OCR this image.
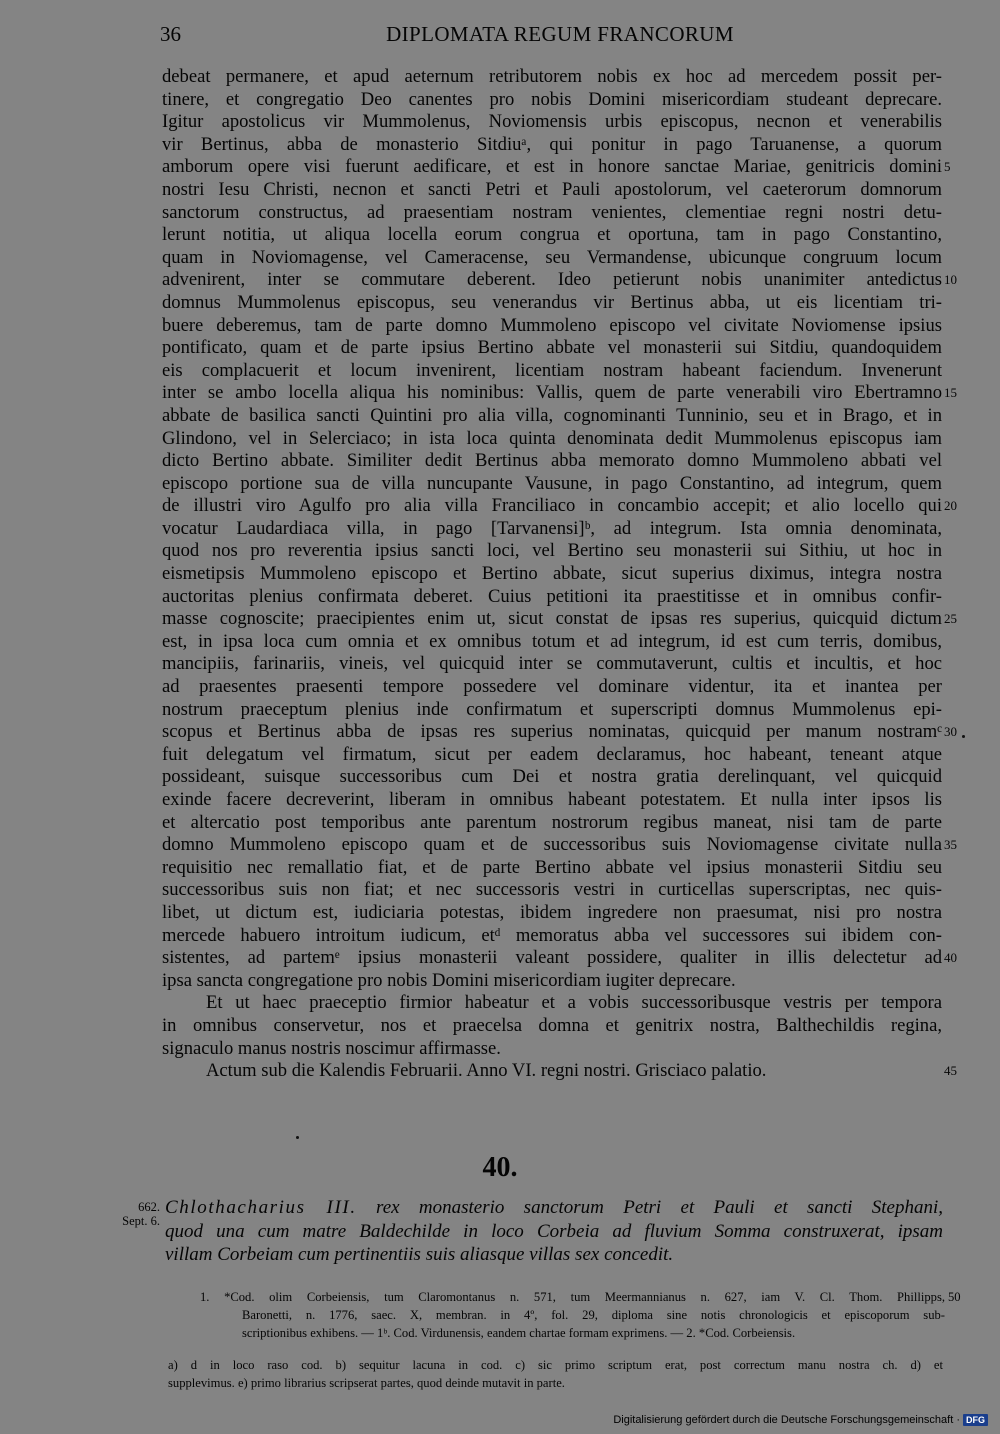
36	DIPLOMATA REGUM FRANCORUM
debeat permanere, et apud aeternum retributorem nobis ex hoc ad mercedem possit per-
tinere, et congregatio Deo canentes pro nobis Domini misericordiam studeant deprecare.
Igitur apostolicus vir Mummolenus, Noviomensis urbis episcopus, necnon et venerabilis
vir Bertinus, abba de monasterio Sitdiuᵃ, qui ponitur in pago Taruanense, a quorum
amborum opere visi fuerunt aedificare, et est in honore sanctae Mariae, genitricis domini
nostri Iesu Christi, necnon et sancti Petri et Pauli apostolorum, vel caeterorum domnorum
sanctorum constructus, ad praesentiam nostram venientes, clementiae regni nostri detu-
lerunt notitia, ut aliqua locella eorum congrua et oportuna, tam in pago Constantino,
quam in Noviomagense, vel Cameracense, seu Vermandense, ubicunque congruum locum
advenirent, inter se commutare deberent. Ideo petierunt nobis unanimiter antedictus
domnus Mummolenus episcopus, seu venerandus vir Bertinus abba, ut eis licentiam tri-
buere deberemus, tam de parte domno Mummoleno episcopo vel civitate Noviomense ipsius
pontificato, quam et de parte ipsius Bertino abbate vel monasterii sui Sitdiu, quandoquidem
eis complacuerit et locum invenirent, licentiam nostram habeant faciendum. Invenerunt
inter se ambo locella aliqua his nominibus: Vallis, quem de parte venerabili viro Ebertramno
abbate de basilica sancti Quintini pro alia villa, cognominanti Tunninio, seu et in Brago, et in
Glindono, vel in Selerciaco; in ista loca quinta denominata dedit Mummolenus episcopus iam
dicto Bertino abbate. Similiter dedit Bertinus abba memorato domno Mummoleno abbati vel
episcopo portione sua de villa nuncupante Vausune, in pago Constantino, ad integrum, quem
de illustri viro Agulfo pro alia villa Franciliaco in concambio accepit; et alio locello qui
vocatur Laudardiaca villa, in pago [Tarvanensi]ᵇ, ad integrum. Ista omnia denominata,
quod nos pro reverentia ipsius sancti loci, vel Bertino seu monasterii sui Sithiu, ut hoc in
eismetipsis Mummoleno episcopo et Bertino abbate, sicut superius diximus, integra nostra
auctoritas plenius confirmata deberet. Cuius petitioni ita praestitisse et in omnibus confir-
masse cognoscite; praecipientes enim ut, sicut constat de ipsas res superius, quicquid dictum
est, in ipsa loca cum omnia et ex omnibus totum et ad integrum, id est cum terris, domibus,
mancipiis, farinariis, vineis, vel quicquid inter se commutaverunt, cultis et incultis, et hoc
ad praesentes praesenti tempore possedere vel dominare videntur, ita et inantea per
nostrum praeceptum plenius inde confirmatum et superscripti domnus Mummolenus epi-
scopus et Bertinus abba de ipsas res superius nominatas, quicquid per manum nostramᶜ
fuit delegatum vel firmatum, sicut per eadem declaramus, hoc habeant, teneant atque
possideant, suisque successoribus cum Dei et nostra gratia derelinquant, vel quicquid
exinde facere decreverint, liberam in omnibus habeant potestatem. Et nulla inter ipsos lis
et altercatio post temporibus ante parentum nostrorum regibus maneat, nisi tam de parte
domno Mummoleno episcopo quam et de successoribus suis Noviomagense civitate nulla
requisitio nec remallatio fiat, et de parte Bertino abbate vel ipsius monasterii Sitdiu seu
successoribus suis non fiat; et nec successoris vestri in curticellas superscriptas, nec quis-
libet, ut dictum est, iudiciaria potestas, ibidem ingredere non praesumat, nisi pro nostra
mercede habuero introitum iudicum, etᵈ memoratus abba vel successores sui ibidem con-
sistentes, ad partemᵉ ipsius monasterii valeant possidere, qualiter in illis delectetur ad
ipsa sancta congregatione pro nobis Domini misericordiam iugiter deprecare.
Et ut haec praeceptio firmior habeatur et a vobis successoribusque vestris per tempora
in omnibus conservetur, nos et praecelsa domna et genitrix nostra, Balthechildis regina,
signaculo manus nostris noscimur affirmasse.
Actum sub die Kalendis Februarii. Anno VI. regni nostri. Grisciaco palatio.
5
10
15
20
25
30
35
40
45
40.
662.
Sept. 6.
Chlothacharius III. rex monasterio sanctorum Petri et Pauli et sancti Stephani,
quod una cum matre Baldechilde in loco Corbeia ad fluvium Somma construxerat, ipsam
villam Corbeiam cum pertinentiis suis aliasque villas sex concedit.
1. *Cod. olim Corbeiensis, tum Claromontanus n. 571, tum Meermannianus n. 627, iam V. Cl. Thom. Phillipps,
Baronetti, n. 1776, saec. X, membran. in 4º, fol. 29, diploma sine notis chronologicis et episcoporum sub-
scriptionibus exhibens. — 1ᵇ. Cod. Virdunensis, eandem chartae formam exprimens. — 2. *Cod. Corbeiensis.
50
a) d in loco raso cod. b) sequitur lacuna in cod. c) sic primo scriptum erat, post correctum manu nostra ch. d) et
supplevimus. e) primo librarius scripserat partes, quod deinde mutavit in parte.
Digitalisierung gefördert durch die Deutsche Forschungsgemeinschaft · DFG
